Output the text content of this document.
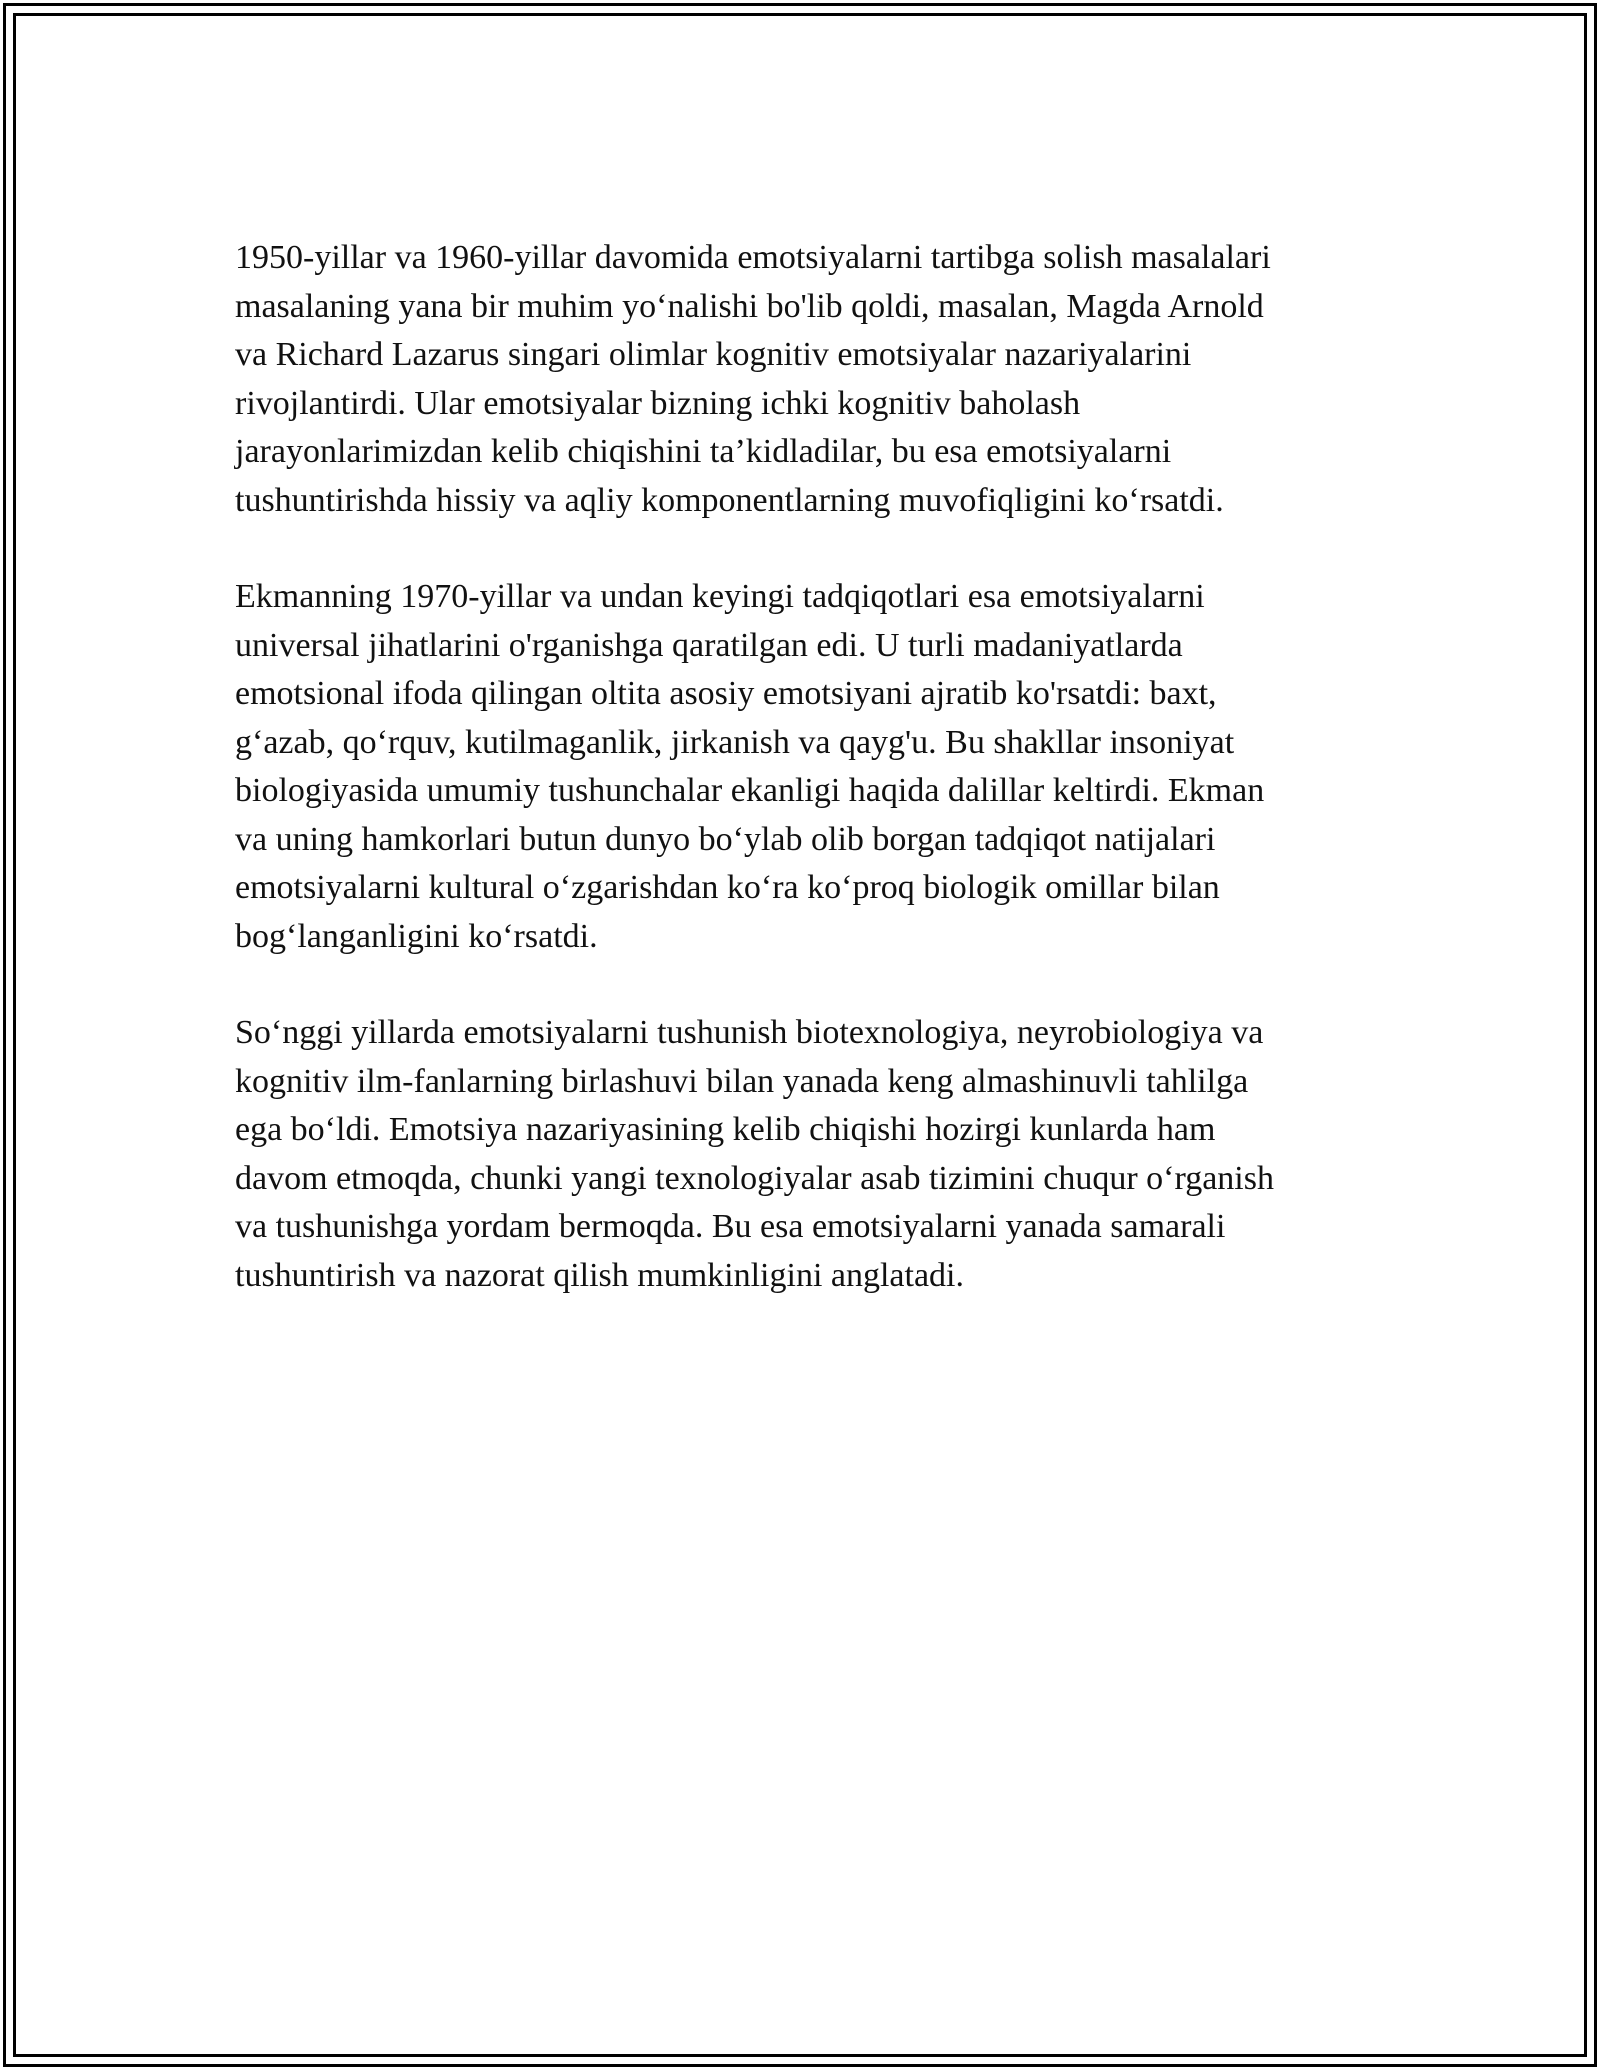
1950-yillar va 1960-yillar davomida emotsiyalarni tartibga solish masalalari
masalaning yana bir muhim yo‘nalishi bo'lib qoldi, masalan, Magda Arnold
va Richard Lazarus singari olimlar kognitiv emotsiyalar nazariyalarini
rivojlantirdi. Ular emotsiyalar bizning ichki kognitiv baholash
jarayonlarimizdan kelib chiqishini ta’kidladilar, bu esa emotsiyalarni
tushuntirishda hissiy va aqliy komponentlarning muvofiqligini ko‘rsatdi.

Ekmanning 1970-yillar va undan keyingi tadqiqotlari esa emotsiyalarni
universal jihatlarini o'rganishga qaratilgan edi. U turli madaniyatlarda
emotsional ifoda qilingan oltita asosiy emotsiyani ajratib ko'rsatdi: baxt,
g‘azab, qo‘rquv, kutilmaganlik, jirkanish va qayg'u. Bu shakllar insoniyat
biologiyasida umumiy tushunchalar ekanligi haqida dalillar keltirdi. Ekman
va uning hamkorlari butun dunyo bo‘ylab olib borgan tadqiqot natijalari
emotsiyalarni kultural o‘zgarishdan ko‘ra ko‘proq biologik omillar bilan
bog‘langanligini ko‘rsatdi.

So‘nggi yillarda emotsiyalarni tushunish biotexnologiya, neyrobiologiya va
kognitiv ilm-fanlarning birlashuvi bilan yanada keng almashinuvli tahlilga
ega bo‘ldi. Emotsiya nazariyasining kelib chiqishi hozirgi kunlarda ham
davom etmoqda, chunki yangi texnologiyalar asab tizimini chuqur o‘rganish
va tushunishga yordam bermoqda. Bu esa emotsiyalarni yanada samarali
tushuntirish va nazorat qilish mumkinligini anglatadi.
